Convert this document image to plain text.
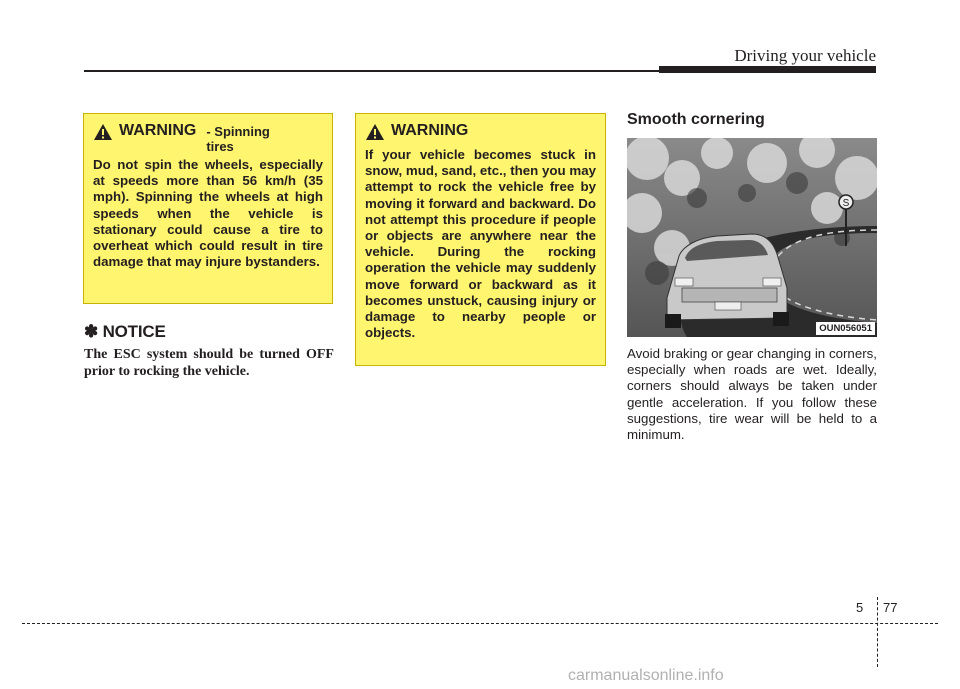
Driving your vehicle
WARNING - Spinning
tires

Do not spin the wheels, especially at speeds more than 56 km/h (35 mph). Spinning the wheels at high speeds when the vehicle is stationary could cause a tire to overheat which could result in tire damage that may injure bystanders.

✽ NOTICE

The ESC system should be turned OFF prior to rocking the vehicle.

WARNING

If your vehicle becomes stuck in snow, mud, sand, etc., then you may attempt to rock the vehicle free by moving it forward and backward. Do not attempt this procedure if people or objects are anywhere near the vehicle. During the rocking operation the vehicle may suddenly move forward or backward as it becomes unstuck, causing injury or damage to nearby people or objects.

Smooth cornering
S
OUN056051

Avoid braking or gear changing in corners, especially when roads are wet. Ideally, corners should always be taken under gentle acceleration. If you follow these suggestions, tire wear will be held to a minimum.

5 77
carmanualsonline.info
